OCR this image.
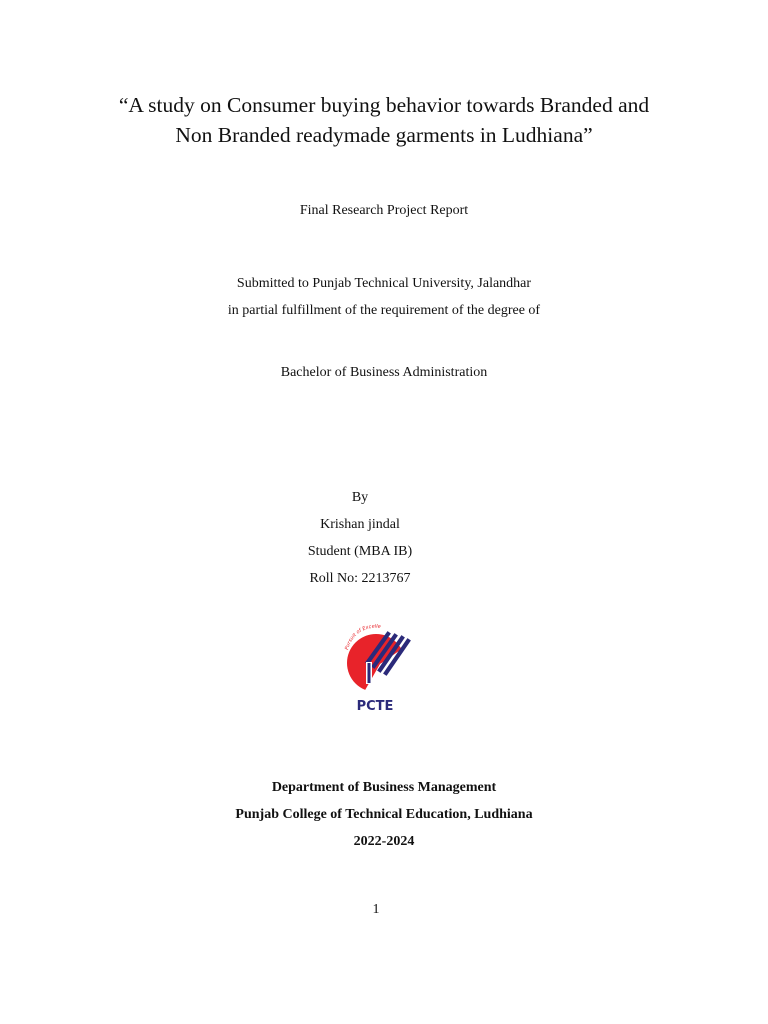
“A study on Consumer buying behavior towards Branded and
Non Branded readymade garments in Ludhiana”
Final Research Project Report
Submitted to Punjab Technical University, Jalandhar
in partial fulfillment of the requirement of the degree of
Bachelor of Business Administration
By
Krishan jindal
Student (MBA IB)
Roll No: 2213767
Pursuit of Excelle
PCTE
Department of Business Management
Punjab College of Technical Education, Ludhiana
2022-2024
1
